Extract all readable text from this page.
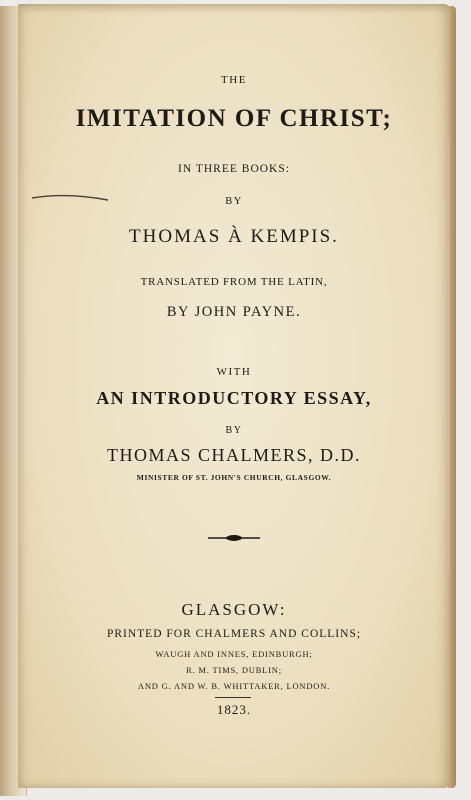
THE
IMITATION OF CHRIST;
IN THREE BOOKS:
BY
THOMAS À KEMPIS.
TRANSLATED FROM THE LATIN,
BY JOHN PAYNE.
WITH
AN INTRODUCTORY ESSAY,
BY
THOMAS CHALMERS, D.D.
MINISTER OF ST. JOHN'S CHURCH, GLASGOW.
GLASGOW:
PRINTED FOR CHALMERS AND COLLINS;
WAUGH AND INNES, EDINBURGH;
R. M. TIMS, DUBLIN;
AND G. AND W. B. WHITTAKER, LONDON.
1823.
